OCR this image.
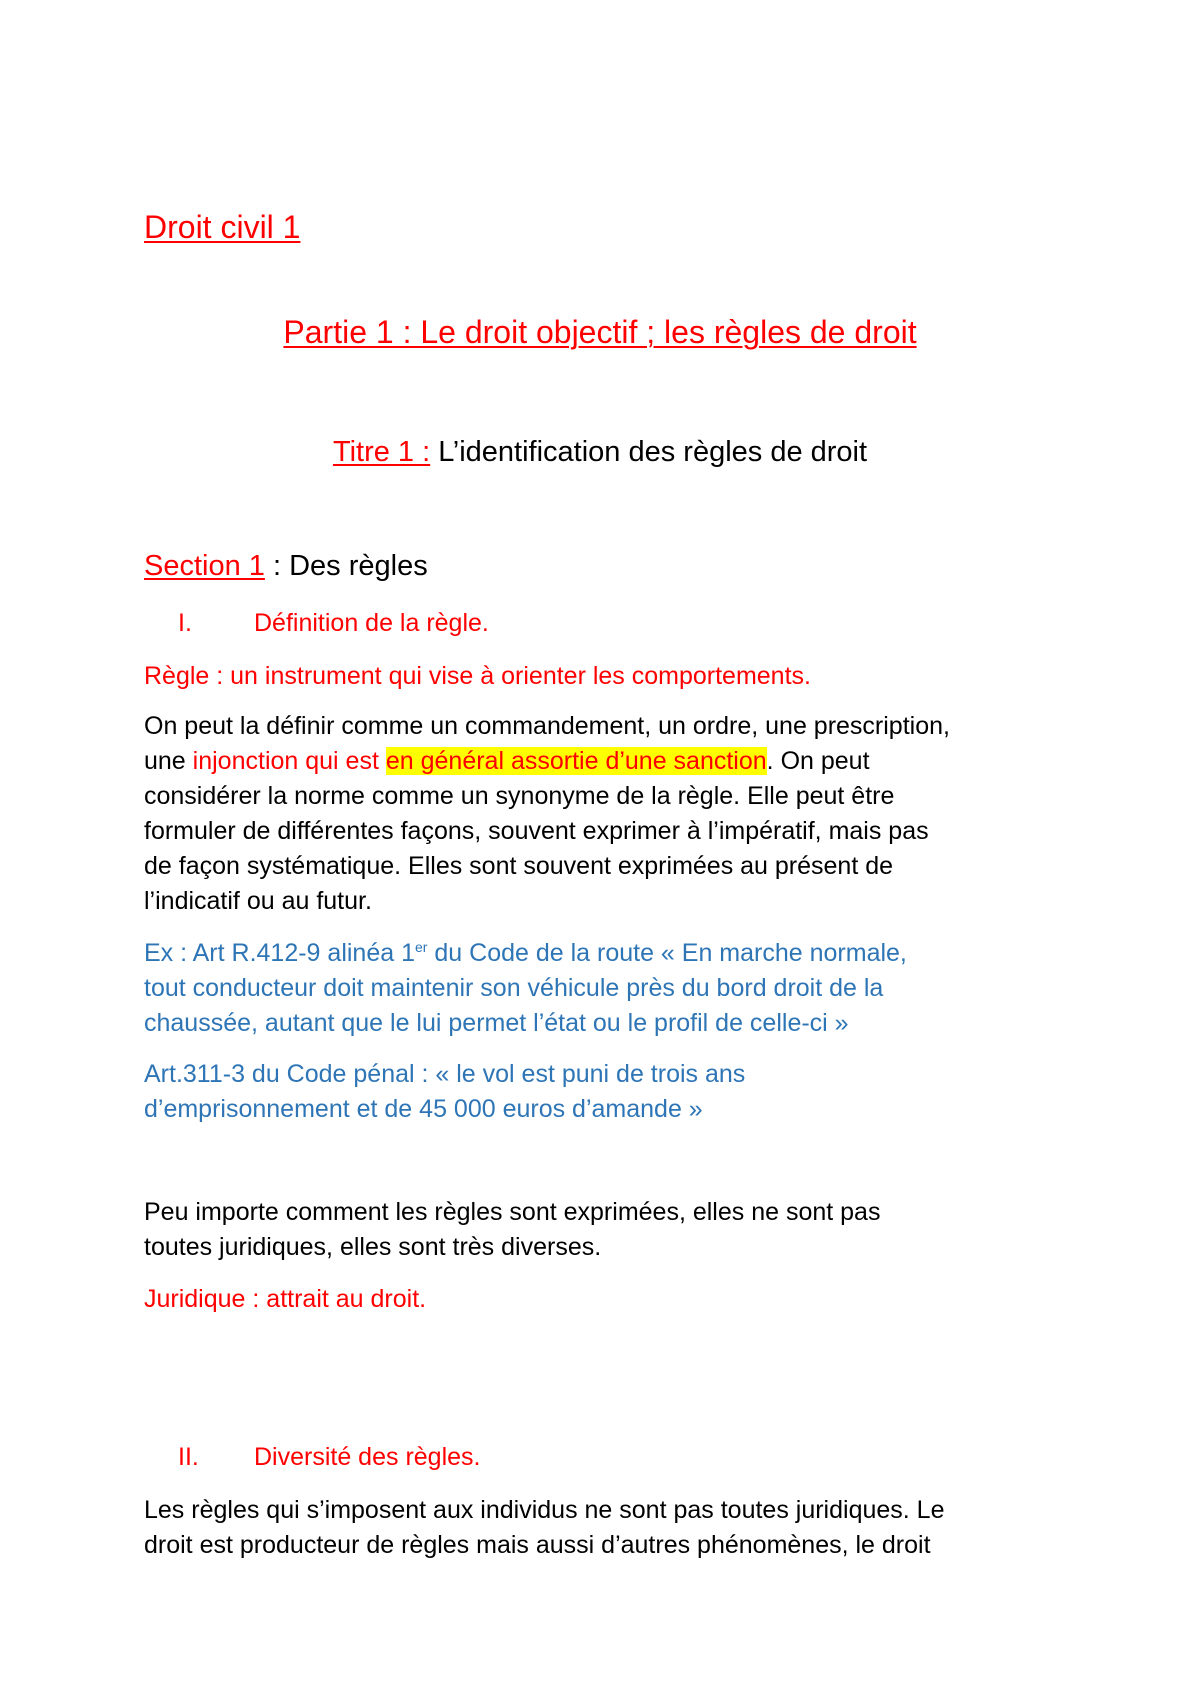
Droit civil 1
Partie 1 : Le droit objectif ; les règles de droit
Titre 1 : L’identification des règles de droit
Section 1 : Des règles
I. Définition de la règle.
Règle : un instrument qui vise à orienter les comportements.
On peut la définir comme un commandement, un ordre, une prescription,
une injonction qui est en général assortie d’une sanction. On peut
considérer la norme comme un synonyme de la règle. Elle peut être
formuler de différentes façons, souvent exprimer à l’impératif, mais pas
de façon systématique. Elles sont souvent exprimées au présent de
l’indicatif ou au futur.
Ex : Art R.412-9 alinéa 1er du Code de la route « En marche normale,
tout conducteur doit maintenir son véhicule près du bord droit de la
chaussée, autant que le lui permet l’état ou le profil de celle-ci »
Art.311-3 du Code pénal : « le vol est puni de trois ans
d’emprisonnement et de 45 000 euros d’amande »
Peu importe comment les règles sont exprimées, elles ne sont pas
toutes juridiques, elles sont très diverses.
Juridique : attrait au droit.
II. Diversité des règles.
Les règles qui s’imposent aux individus ne sont pas toutes juridiques. Le
droit est producteur de règles mais aussi d’autres phénomènes, le droit
